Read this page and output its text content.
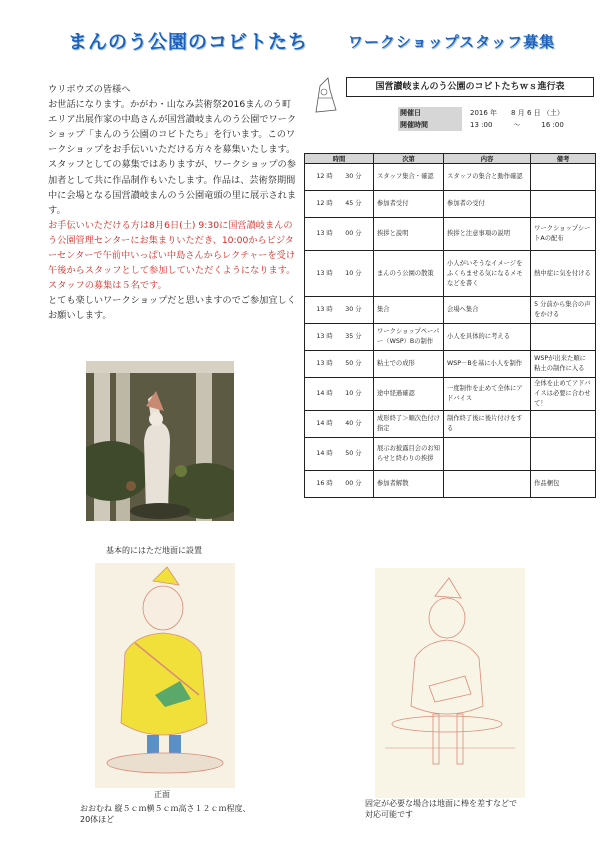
まんのう公園のコビトたち	ワークショップスタッフ募集
ウリボウズの皆様へ
お世話になります。かがわ・山なみ芸術祭2016まんのう町エリア出展作家の中島さんが国営讃岐まんのう公園でワークショップ「まんのう公園のコビトたち」を行います。このワークショップをお手伝いいただける方々を募集いたします。スタッフとしての募集ではありますが、ワークショップの参加者として共に作品制作もいたします。作品は、芸術祭期間中に会場となる国営讃岐まんのう公園竜頭の里に展示されます。
お手伝いいただける方は8月6日(土) 9:30に国営讃岐まんのう公園管理センターにお集まりいただき、10:00からビジターセンターで午前中いっぱい中島さんからレクチャーを受け午後からスタッフとして参加していただくようになります。スタッフの募集は５名です。
とても楽しいワークショップだと思いますのでご参加宜しくお願いします。
国営讃岐まんのう公園のコビトたちｗｓ進行表
開催日	2016 年　　8 月 6 日 （土）
開催時間	13 :00　　　～　　　16 :00
時間	次第	内容	備考
12 時　　30 分	スタッフ集合・確認	スタッフの集合と動作確認	
12 時　　45 分	参加者受付	参加者の受付	
13 時　　00 分	挨拶と説明	挨拶と注意事項の説明	ワークショップシートAの配布
13 時　　10 分	まんのう公園の散策	小人がいそうなイメージをふくらませる気になるメモなどを書く	熱中症に気を付ける
13 時　　30 分	集合	会場へ集合	5 分前から集合の声をかける
13 時　　35 分	ワークショップペーパー（WSP）Bの制作	小人を具体的に考える	
13 時　　50 分	粘土での成形	WSP－Bを基に小人を制作	WSPが出来た順に粘土の制作に入る
14 時　　10 分	途中経過確認	一度制作を止めて全体にアドバイス	全体を止めてアドバイスは必要に合わせて！
14 時　　40 分	成形終了＞順次色付け指定	制作終了後に後片付けをする	
14 時　　50 分	展示お披露目会のお知らせと終わりの挨拶		
16 時　　00 分	参加者解散		作品梱包
基本的にはただ地面に設置
正面
おおむね 縦５ｃｍ横５ｃｍ高さ１２ｃｍ程度、
20体ほど
固定が必要な場合は地面に棒を差すなどで
対応可能です
